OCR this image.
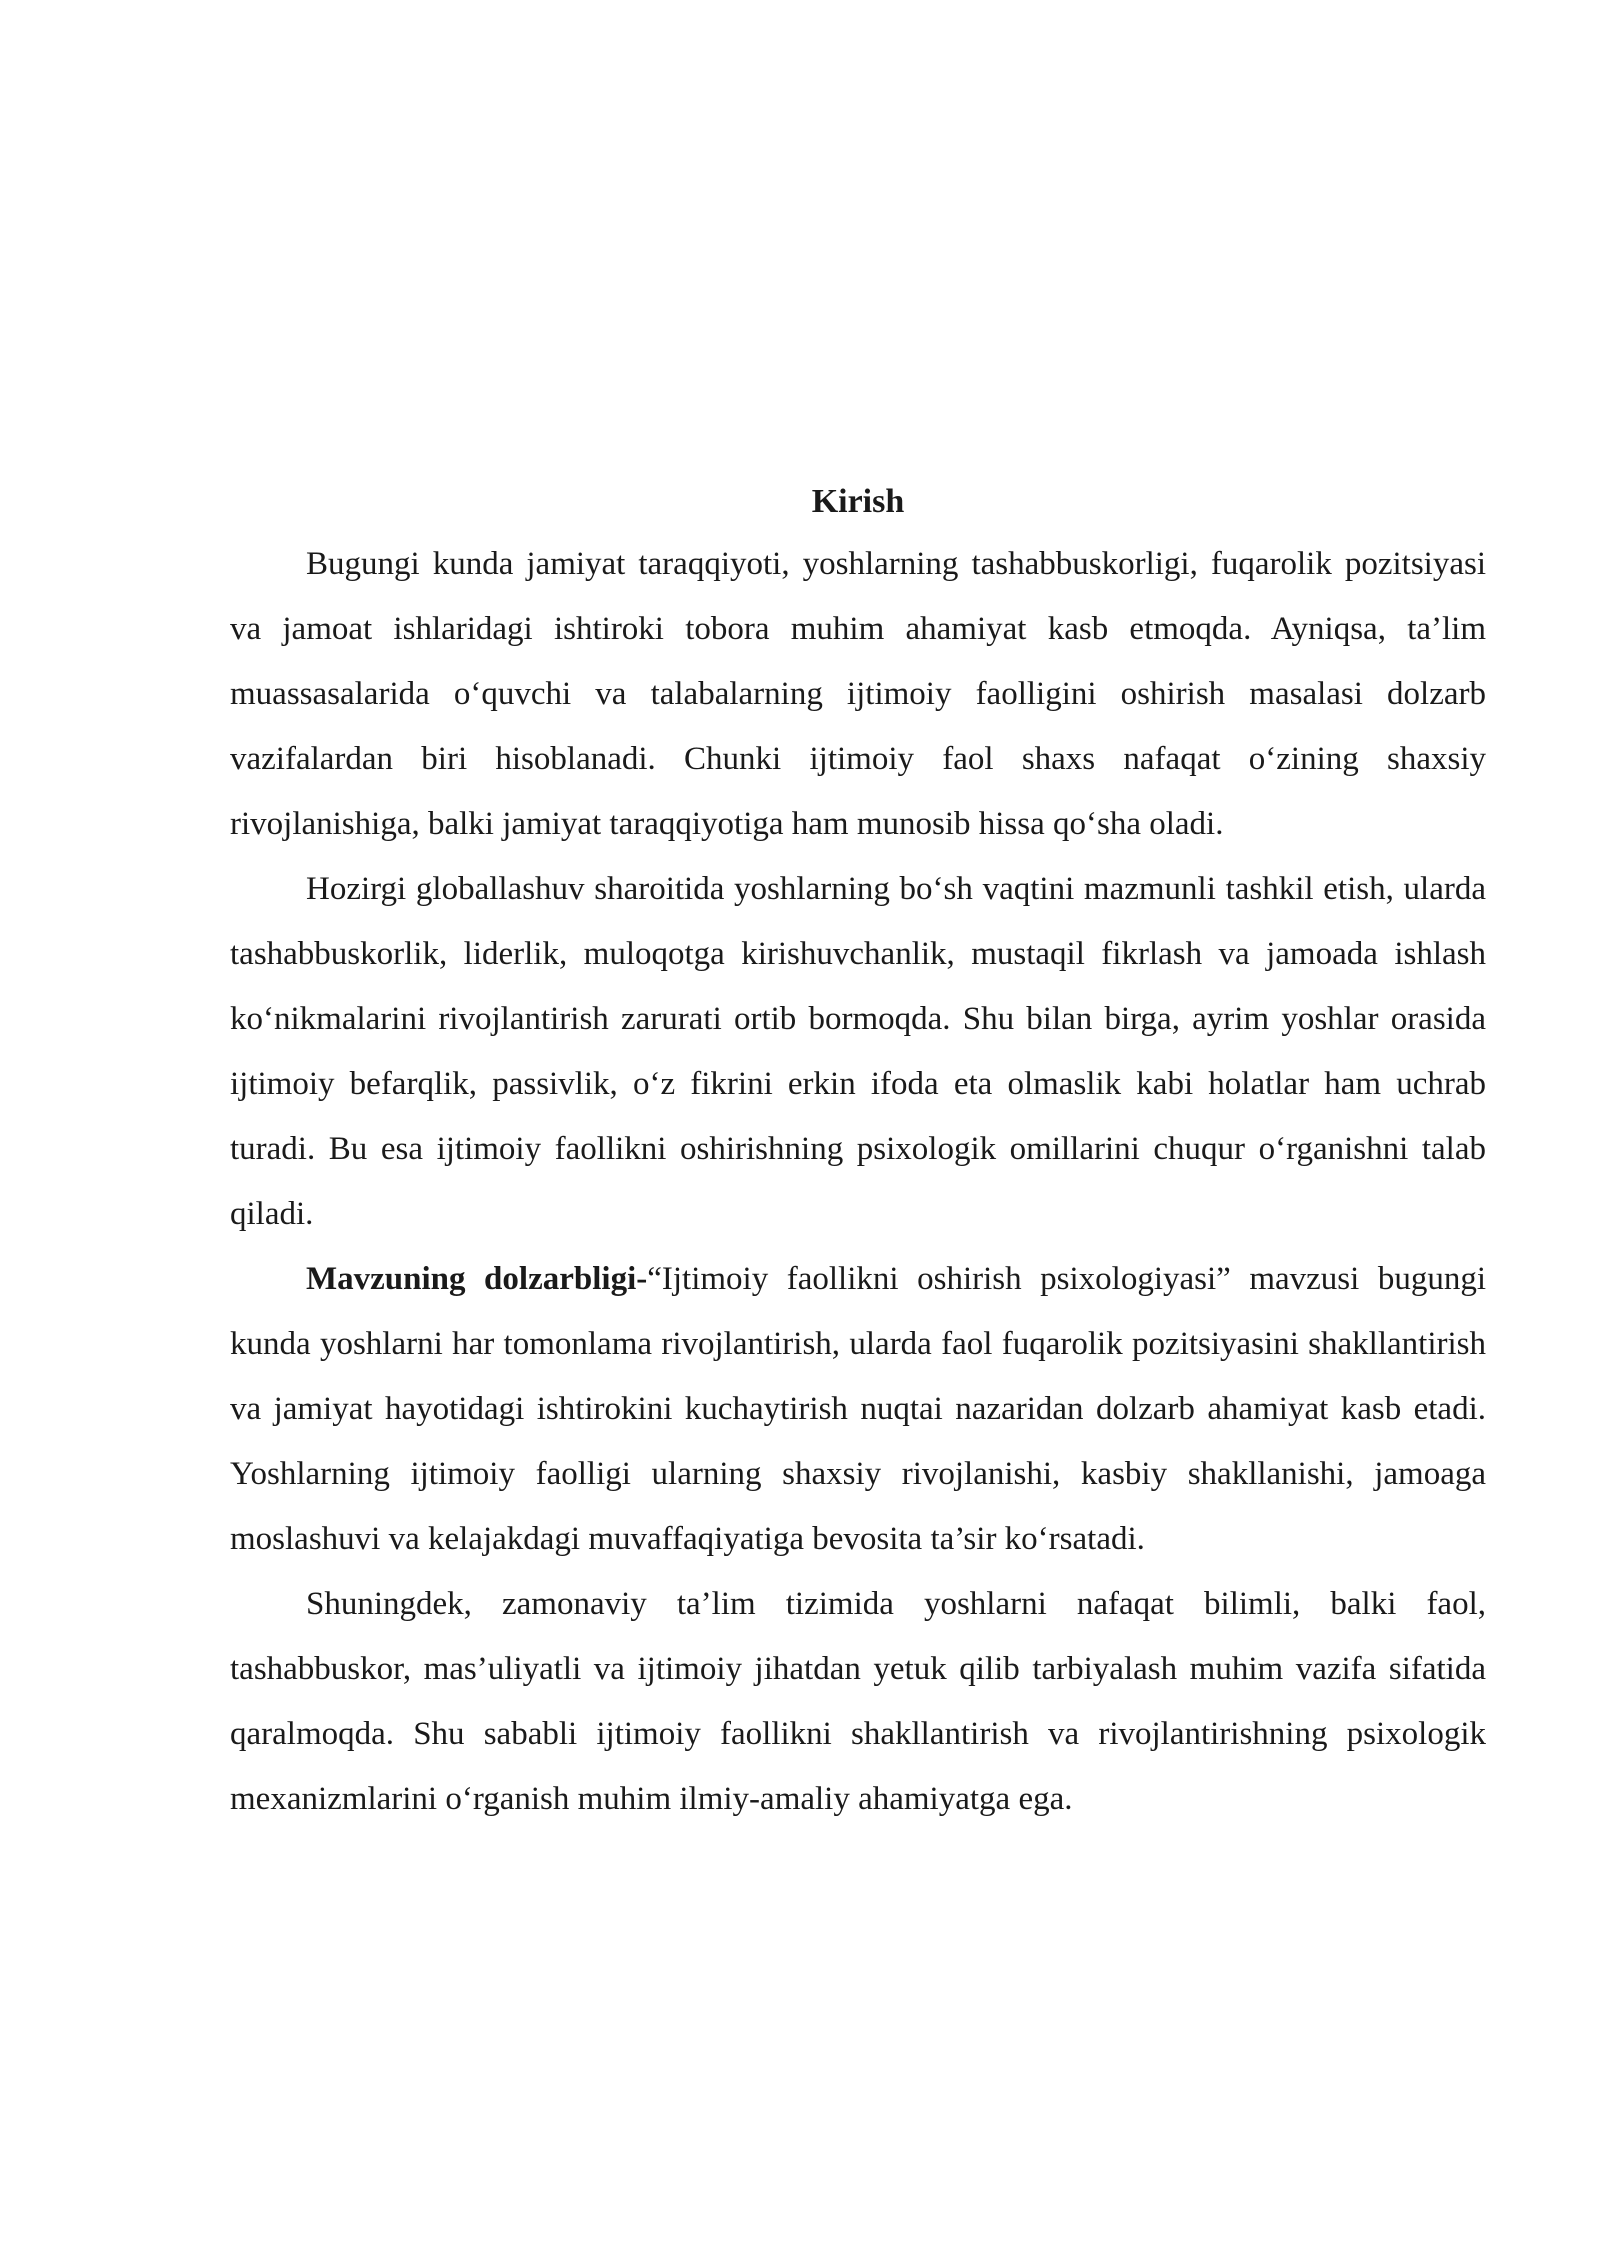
Kirish

Bugungi kunda jamiyat taraqqiyoti, yoshlarning tashabbuskorligi, fuqarolik pozitsiyasi va jamoat ishlaridagi ishtiroki tobora muhim ahamiyat kasb etmoqda. Ayniqsa, ta’lim muassasalarida o‘quvchi va talabalarning ijtimoiy faolligini oshirish masalasi dolzarb vazifalardan biri hisoblanadi. Chunki ijtimoiy faol shaxs nafaqat o‘zining shaxsiy rivojlanishiga, balki jamiyat taraqqiyotiga ham munosib hissa qo‘sha oladi.

Hozirgi globallashuv sharoitida yoshlarning bo‘sh vaqtini mazmunli tashkil etish, ularda tashabbuskorlik, liderlik, muloqotga kirishuvchanlik, mustaqil fikrlash va jamoada ishlash ko‘nikmalarini rivojlantirish zarurati ortib bormoqda. Shu bilan birga, ayrim yoshlar orasida ijtimoiy befarqlik, passivlik, o‘z fikrini erkin ifoda eta olmaslik kabi holatlar ham uchrab turadi. Bu esa ijtimoiy faollikni oshirishning psixologik omillarini chuqur o‘rganishni talab qiladi.

Mavzuning dolzarbligi-“Ijtimoiy faollikni oshirish psixologiyasi” mavzusi bugungi kunda yoshlarni har tomonlama rivojlantirish, ularda faol fuqarolik pozitsiyasini shakllantirish va jamiyat hayotidagi ishtirokini kuchaytirish nuqtai nazaridan dolzarb ahamiyat kasb etadi. Yoshlarning ijtimoiy faolligi ularning shaxsiy rivojlanishi, kasbiy shakllanishi, jamoaga moslashuvi va kelajakdagi muvaffaqiyatiga bevosita ta’sir ko‘rsatadi.

Shuningdek, zamonaviy ta’lim tizimida yoshlarni nafaqat bilimli, balki faol, tashabbuskor, mas’uliyatli va ijtimoiy jihatdan yetuk qilib tarbiyalash muhim vazifa sifatida qaralmoqda. Shu sababli ijtimoiy faollikni shakllantirish va rivojlantirishning psixologik mexanizmlarini o‘rganish muhim ilmiy-amaliy ahamiyatga ega.
